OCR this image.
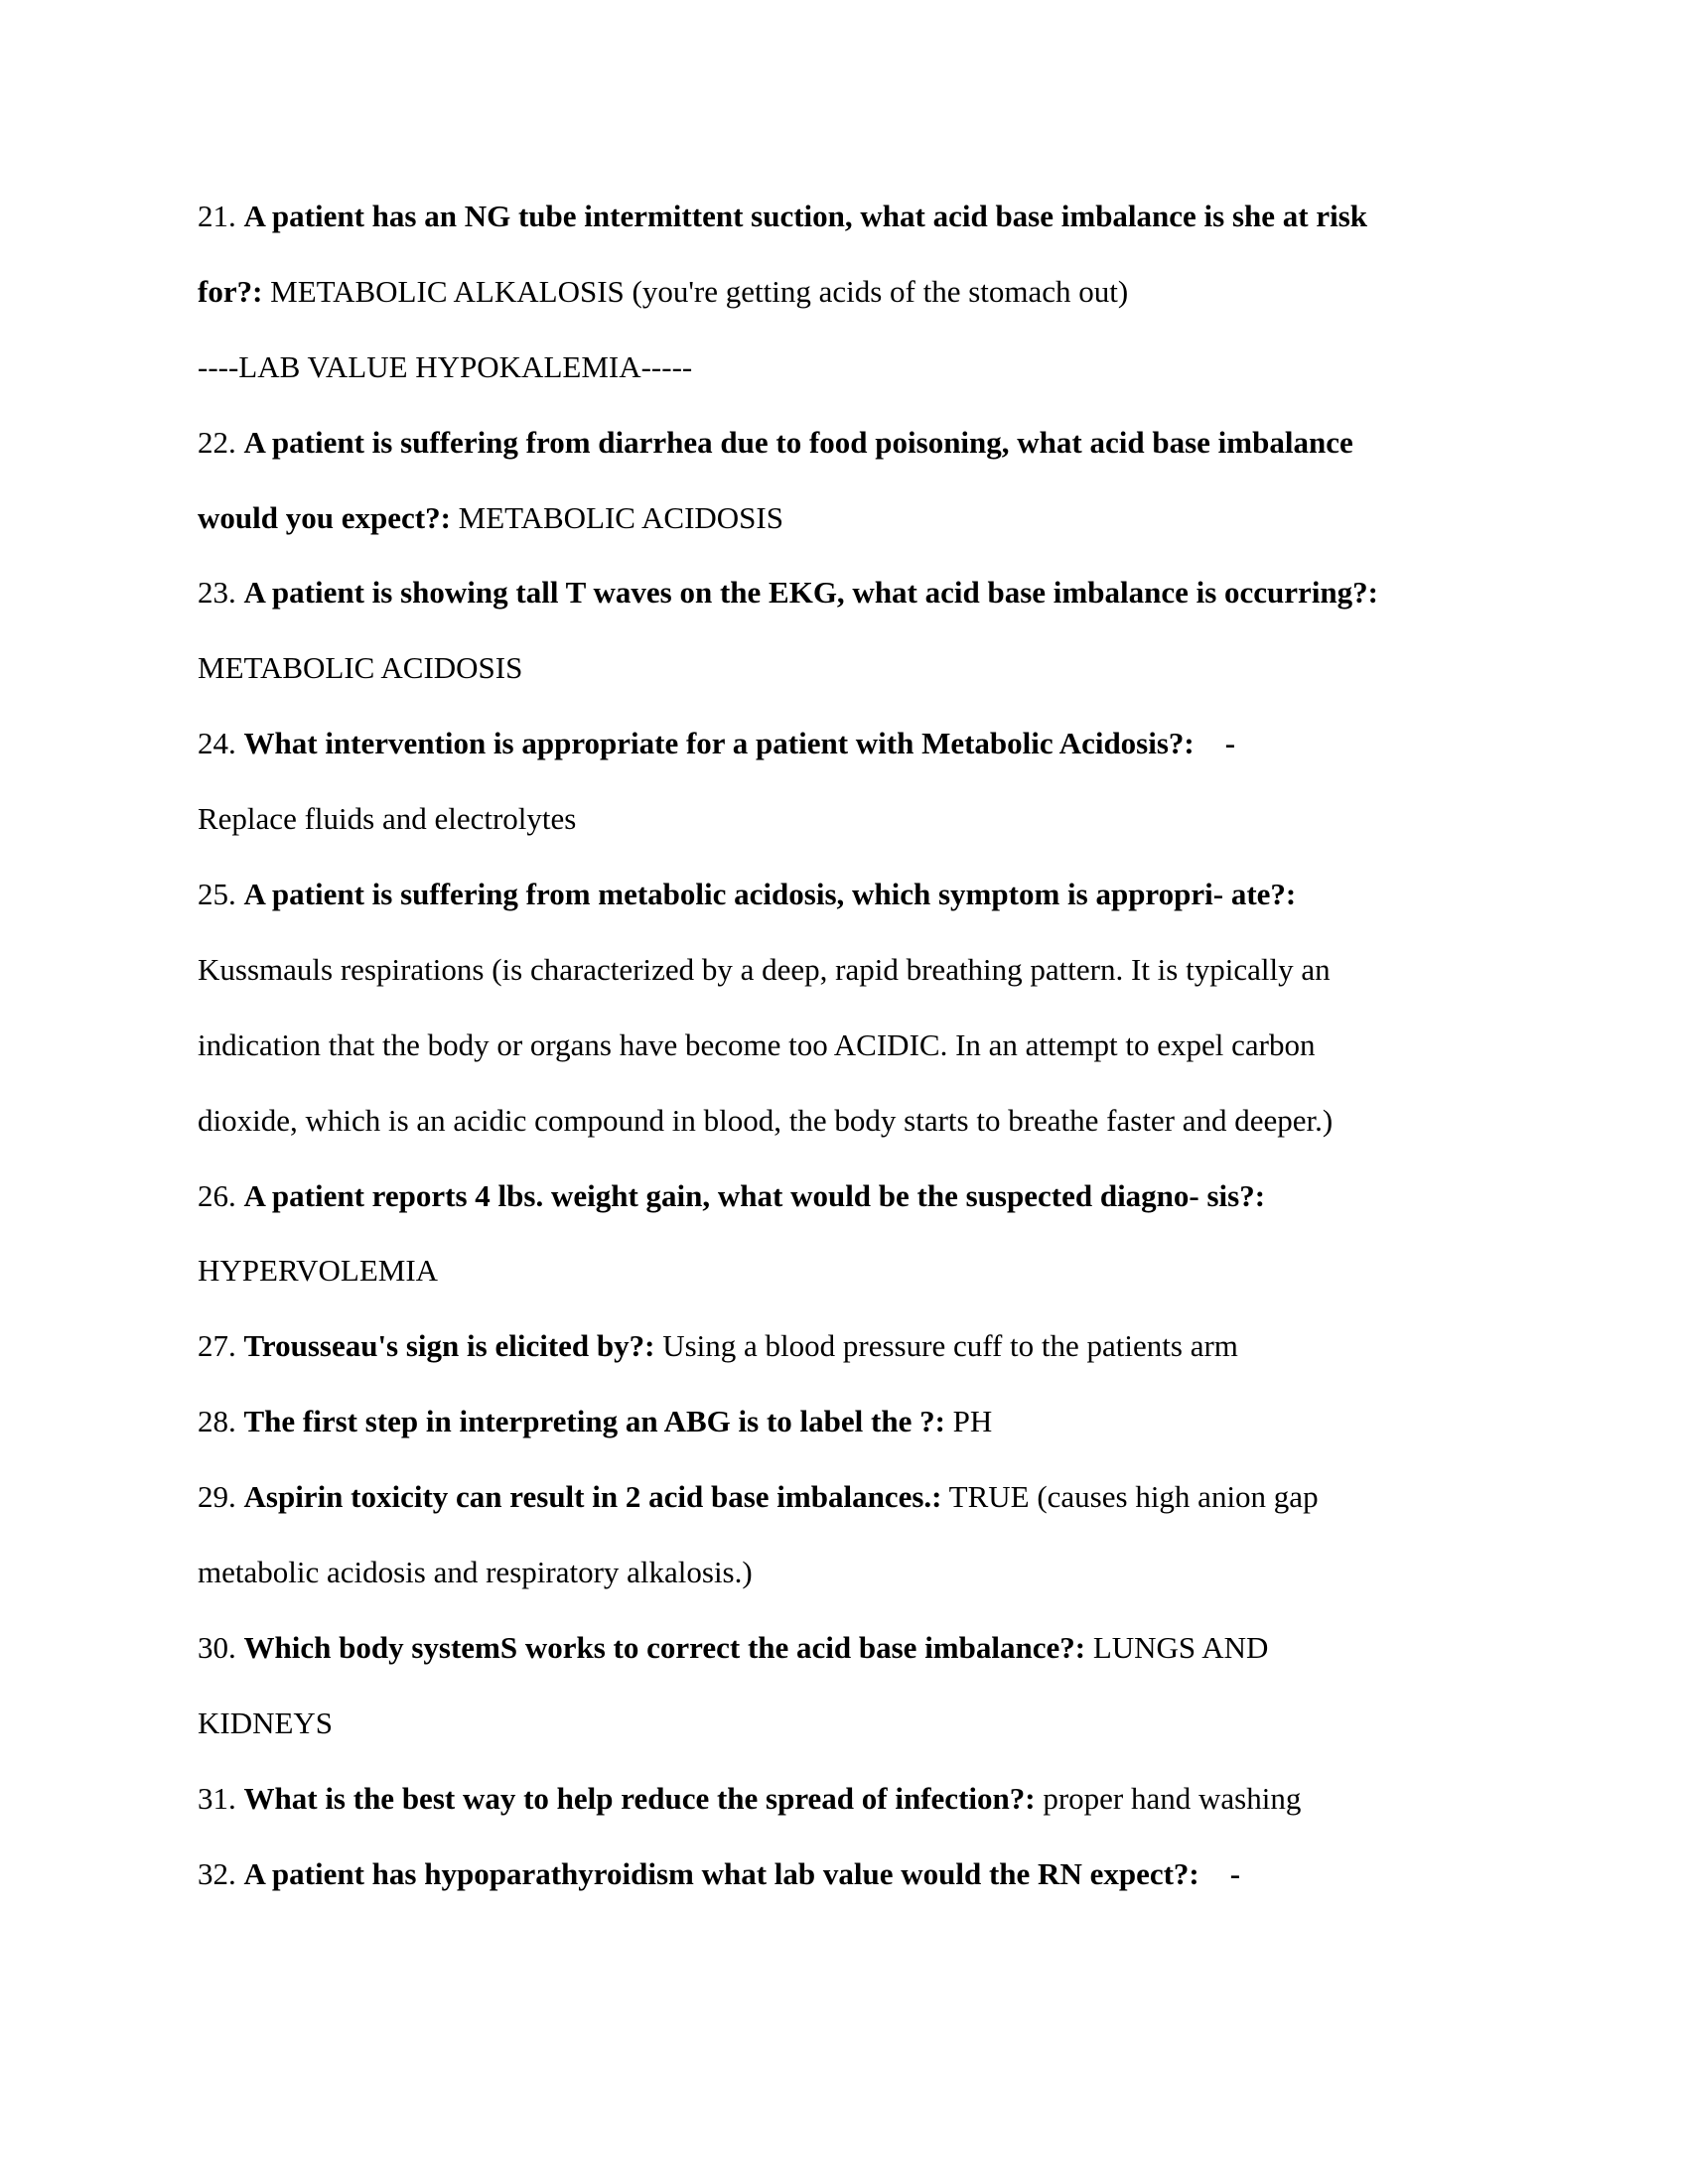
21. A patient has an NG tube intermittent suction, what acid base imbalance is she at risk
for?: METABOLIC ALKALOSIS (you're getting acids of the stomach out)
----LAB VALUE HYPOKALEMIA-----
22. A patient is suffering from diarrhea due to food poisoning, what acid base imbalance
would you expect?: METABOLIC ACIDOSIS
23. A patient is showing tall T waves on the EKG, what acid base imbalance is occurring?:
METABOLIC ACIDOSIS
24. What intervention is appropriate for a patient with Metabolic Acidosis?:    -
Replace fluids and electrolytes
25. A patient is suffering from metabolic acidosis, which symptom is appropri- ate?:
Kussmauls respirations (is characterized by a deep, rapid breathing pattern. It is typically an
indication that the body or organs have become too ACIDIC. In an attempt to expel carbon
dioxide, which is an acidic compound in blood, the body starts to breathe faster and deeper.)
26. A patient reports 4 lbs. weight gain, what would be the suspected diagno- sis?:
HYPERVOLEMIA
27. Trousseau's sign is elicited by?: Using a blood pressure cuff to the patients arm
28. The first step in interpreting an ABG is to label the ?: PH
29. Aspirin toxicity can result in 2 acid base imbalances.: TRUE (causes high anion gap
metabolic acidosis and respiratory alkalosis.)
30. Which body systemS works to correct the acid base imbalance?: LUNGS AND
KIDNEYS
31. What is the best way to help reduce the spread of infection?: proper hand washing
32. A patient has hypoparathyroidism what lab value would the RN expect?:    -
